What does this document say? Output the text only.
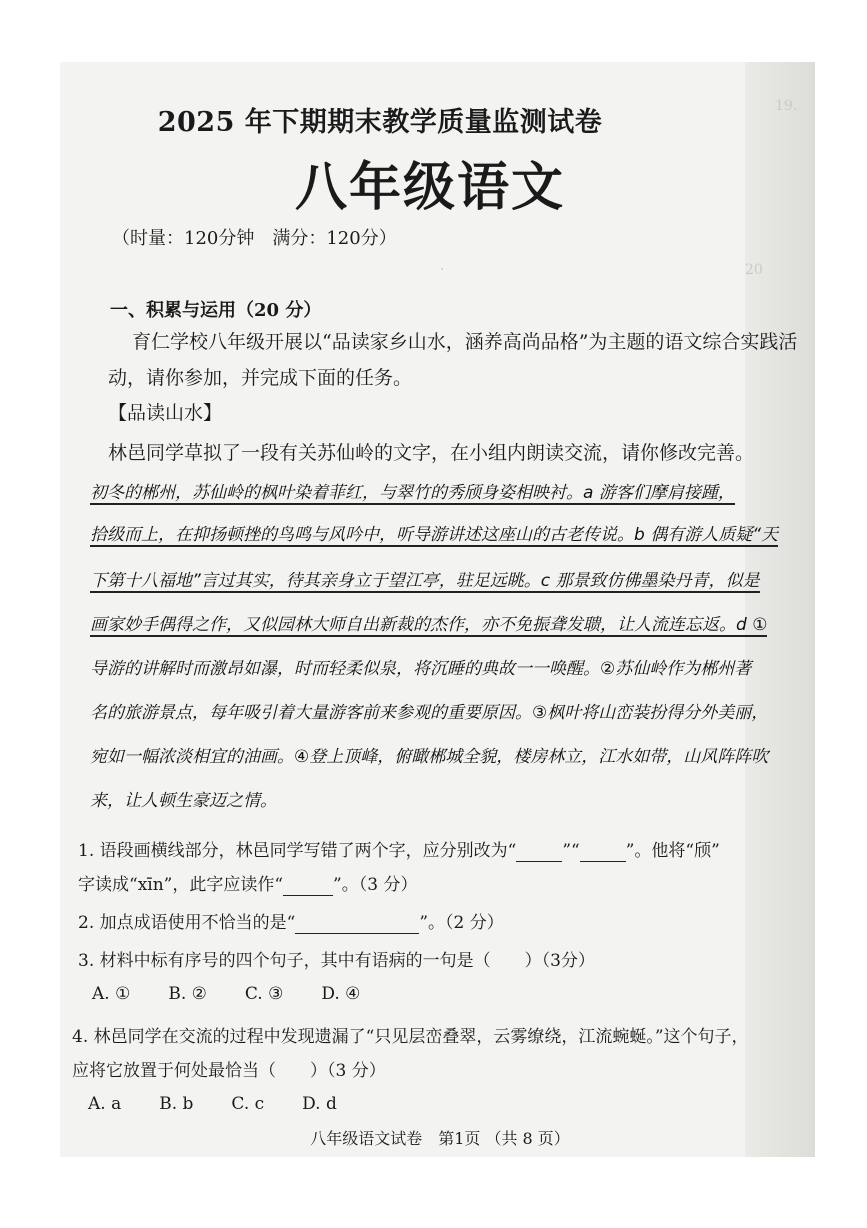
19.
·	20
2025 年下期期末教学质量监测试卷
八年级语文
（时量：120分钟　满分：120分）
一、积累与运用（20 分）
育仁学校八年级开展以“品读家乡山水，涵养高尚品格”为主题的语文综合实践活动，请你参加，并完成下面的任务。
【品读山水】
林邑同学草拟了一段有关苏仙岭的文字，在小组内朗读交流，请你修改完善。
初冬的郴州，苏仙岭的枫叶染着菲红，与翠竹的秀颀身姿相映衬。a 游客们摩肩接踵，
拾级而上，在抑扬顿挫的鸟鸣与风吟中，听导游讲述这座山的古老传说。b 偶有游人质疑“天
下第十八福地”言过其实，待其亲身立于望江亭，驻足远眺。c 那景致仿佛墨染丹青，似是
画家妙手偶得之作，又似园林大师自出新裁的杰作，亦不免振聋发聩，让人流连忘返。d ①
导游的讲解时而激昂如瀑，时而轻柔似泉，将沉睡的典故一一唤醒。②苏仙岭作为郴州著
名的旅游景点，每年吸引着大量游客前来参观的重要原因。③枫叶将山峦装扮得分外美丽，
宛如一幅浓淡相宜的油画。④登上顶峰，俯瞰郴城全貌，楼房林立，江水如带，山风阵阵吹
来，让人顿生豪迈之情。
1. 语段画横线部分，林邑同学写错了两个字，应分别改为“	”“	”。他将“颀”
字读成“xīn”，此字应读作“	”。（3 分）
2. 加点成语使用不恰当的是“	”。（2 分）
3. 材料中标有序号的四个句子，其中有语病的一句是（　　）（3分）
A. ① B. ② C. ③ D. ④
4. 林邑同学在交流的过程中发现遗漏了“只见层峦叠翠，云雾缭绕，江流蜿蜒。”这个句子，
应将它放置于何处最恰当（　　）（3 分）
A. a B. b C. c D. d
八年级语文试卷　第1页 （共 8 页）
